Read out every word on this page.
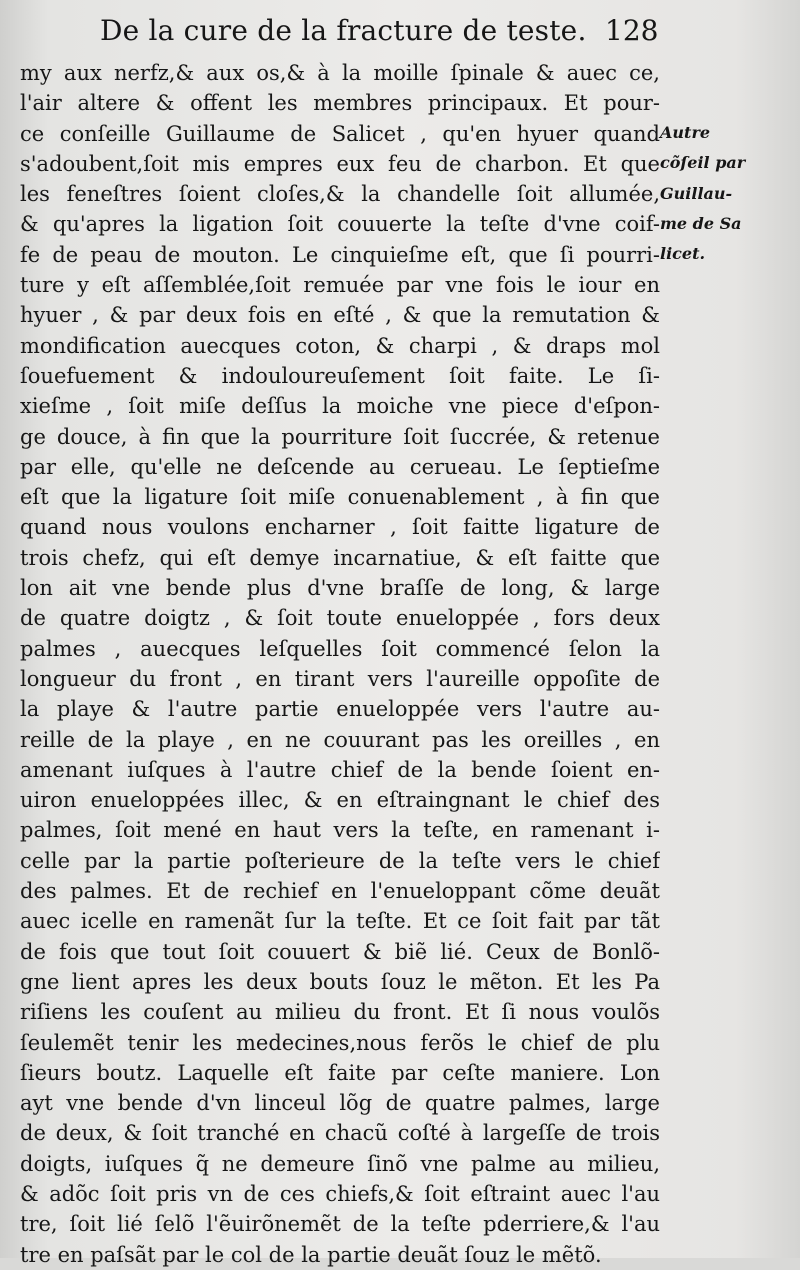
De la cure de la fracture de teste. 128
my aux nerfz,& aux os,& à la moille ſpinale & auec ce,
l'air altere & offent les membres principaux. Et pour-
ce conſeille Guillaume de Salicet , qu'en hyuer quand
s'adoubent,ſoit mis empres eux feu de charbon. Et que
les feneſtres ſoient cloſes,& la chandelle ſoit allumée,
& qu'apres la ligation ſoit couuerte la teſte d'vne coif-
fe de peau de mouton. Le cinquieſme eſt, que ſi pourri-
ture y eſt aſſemblée,ſoit remuée par vne fois le iour en
hyuer , & par deux fois en eſté , & que la remutation &
mondification auecques coton, & charpi , & draps mol
ſouefuement & indouloureuſement ſoit faite. Le ſi-
xieſme , ſoit miſe deſſus la moiche vne piece d'eſpon-
ge douce, à fin que la pourriture ſoit ſuccrée, & retenue
par elle, qu'elle ne deſcende au cerueau. Le ſeptieſme
eſt que la ligature ſoit miſe conuenablement , à fin que
quand nous voulons encharner , ſoit faitte ligature de
trois chefz, qui eſt demye incarnatiue, & eſt faitte que
lon ait vne bende plus d'vne braſſe de long, & large
de quatre doigtz , & ſoit toute enueloppée , fors deux
palmes , auecques leſquelles ſoit commencé ſelon la
longueur du front , en tirant vers l'aureille oppoſite de
la playe & l'autre partie enueloppée vers l'autre au-
reille de la playe , en ne couurant pas les oreilles , en
amenant iuſques à l'autre chief de la bende ſoient en-
uiron enueloppées illec, & en eſtraingnant le chief des
palmes, ſoit mené en haut vers la teſte, en ramenant i-
celle par la partie poſterieure de la teſte vers le chief
des palmes. Et de rechief en l'enueloppant cõme deuãt
auec icelle en ramenãt ſur la teſte. Et ce ſoit fait par tãt
de fois que tout ſoit couuert & biẽ lié. Ceux de Bonlõ-
gne lient apres les deux bouts ſouz le mẽton. Et les Pa
riſiens les couſent au milieu du front. Et ſi nous voulõs
ſeulemẽt tenir les medecines,nous ferõs le chief de plu
ſieurs boutz. Laquelle eſt faite par ceſte maniere. Lon
ayt vne bende d'vn linceul lõg de quatre palmes, large
de deux, & ſoit tranché en chacũ coſté à largeſſe de trois
doigts, iuſques q̃ ne demeure ſinõ vne palme au milieu,
& adõc ſoit pris vn de ces chiefs,& ſoit eſtraint auec l'au
tre, ſoit lié ſelõ l'ẽuirõnemẽt de la teſte pderriere,& l'au
tre en paſsãt par le col de la partie deuãt ſouz le mẽtõ.
Autre
cõſeil par
Guillau-
me de Sa
licet.
